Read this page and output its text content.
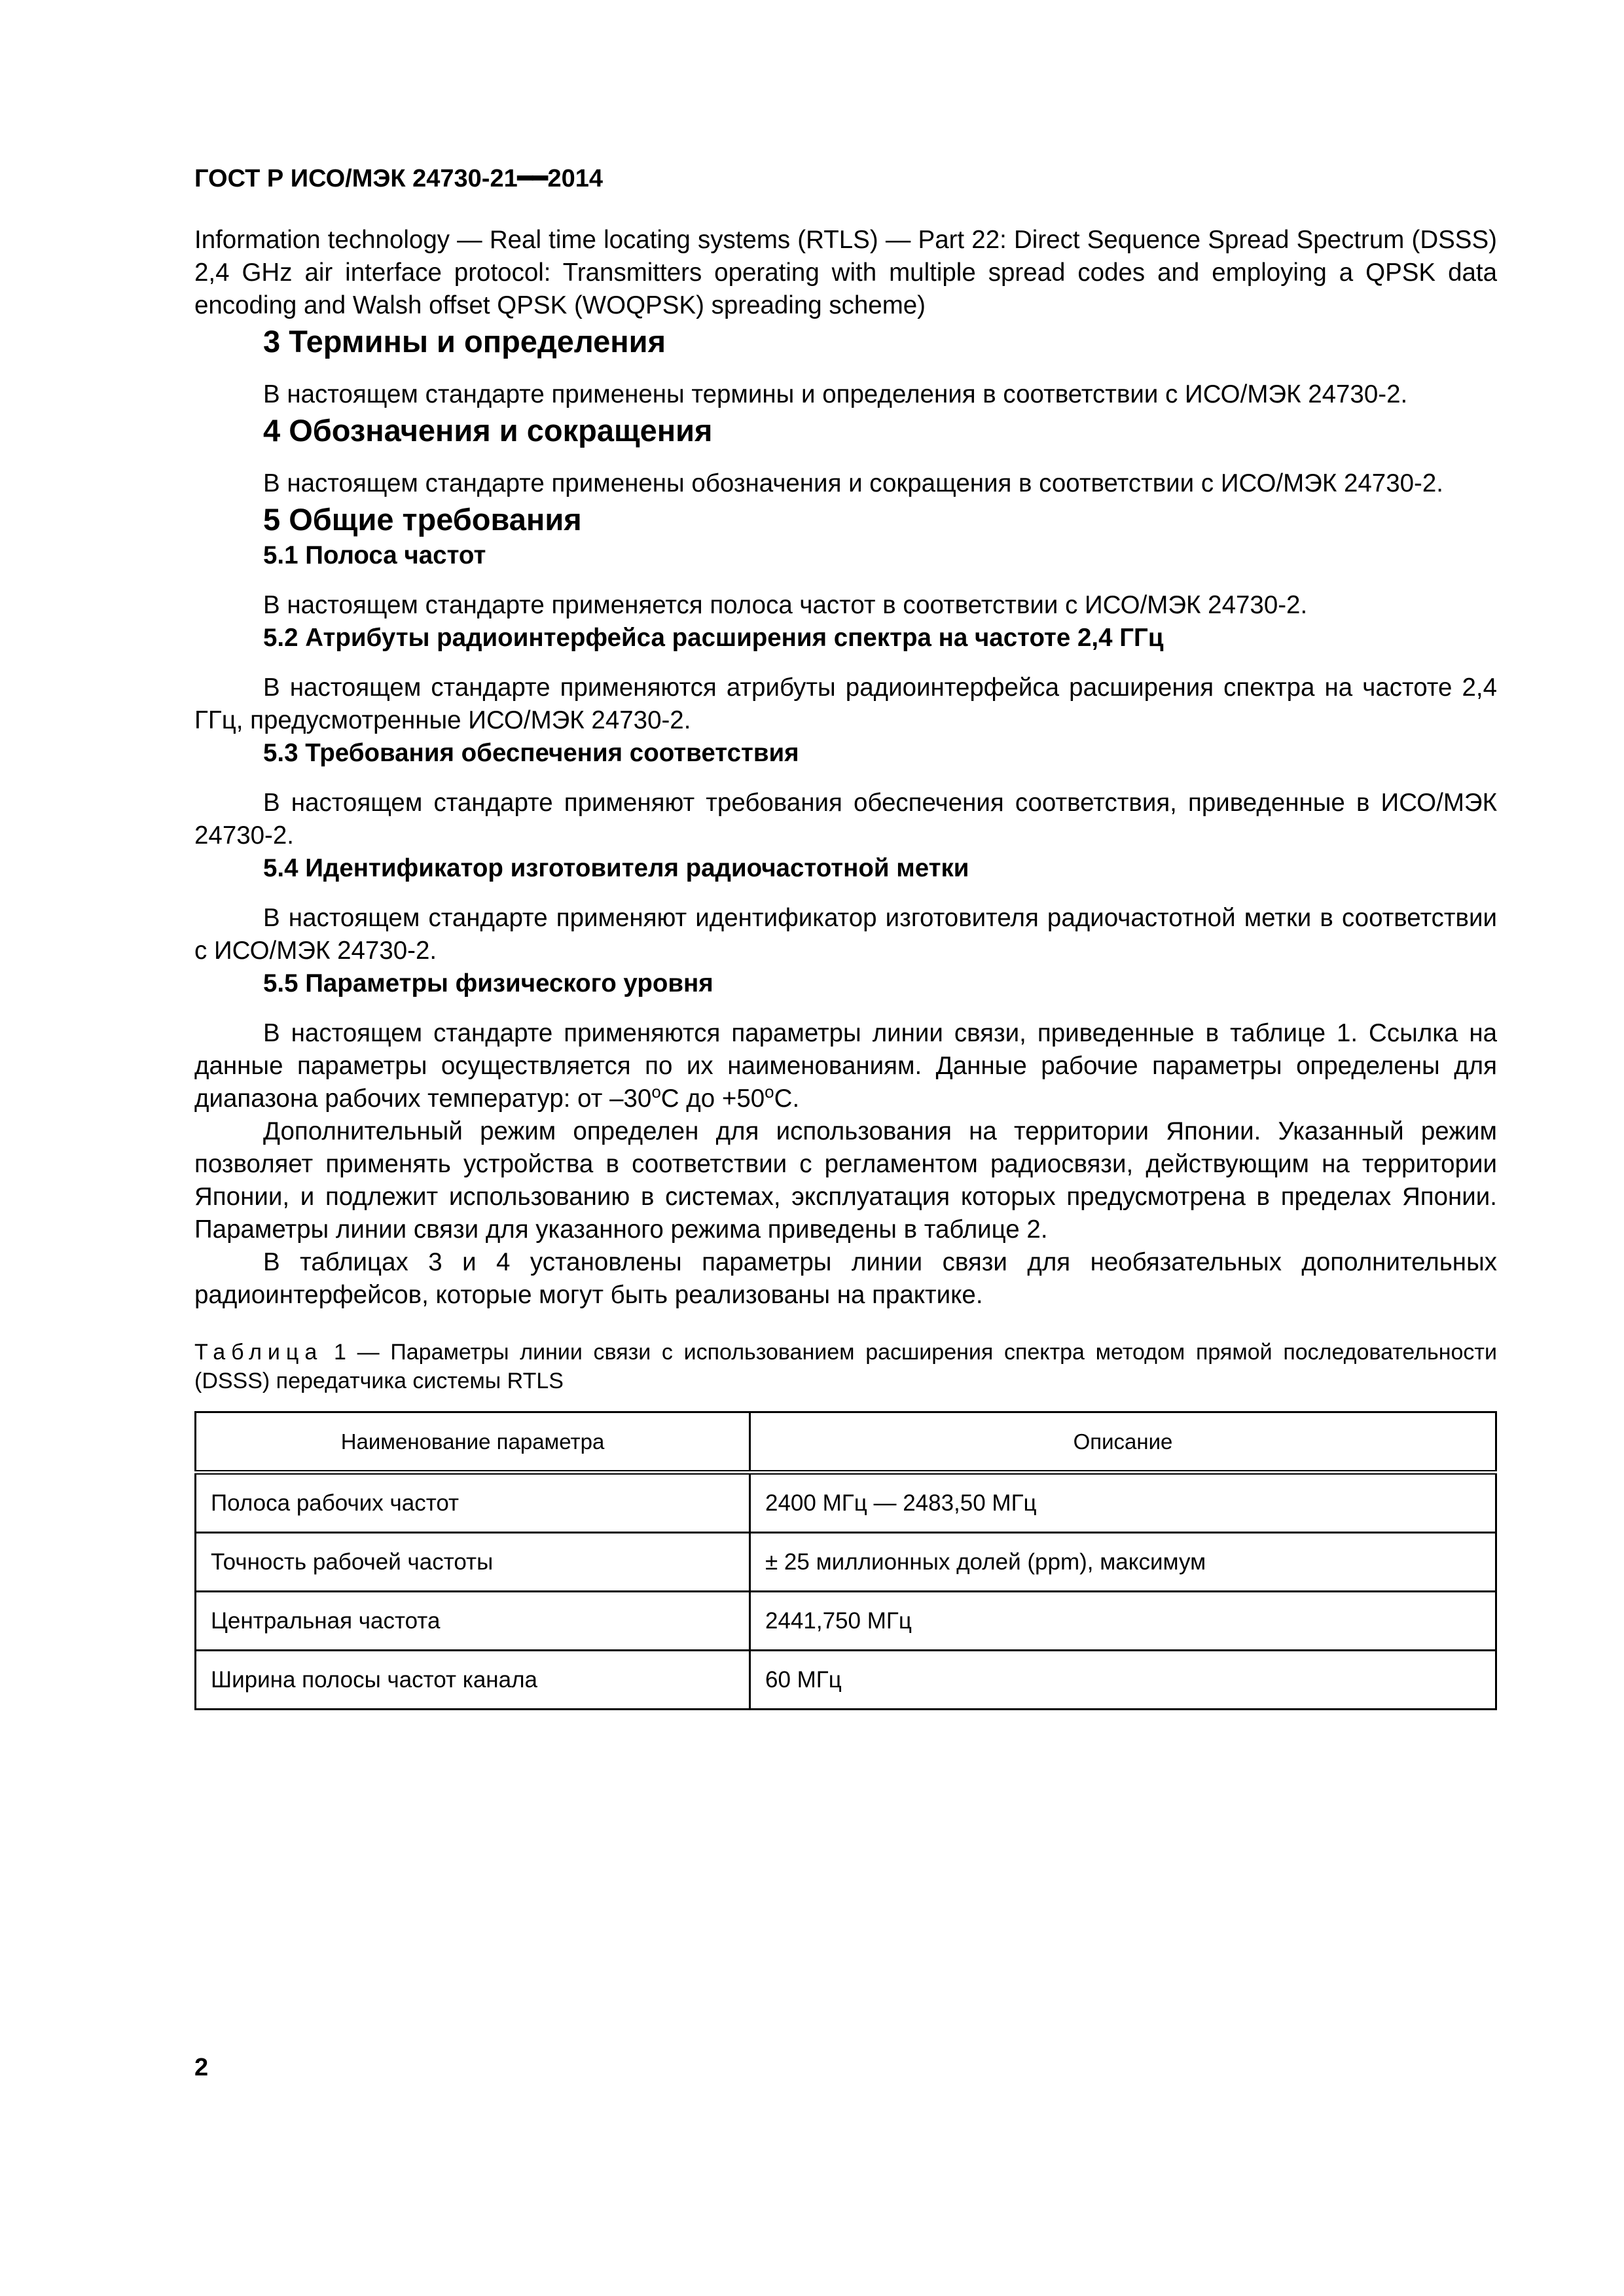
ГОСТ Р ИСО/МЭК 24730-21━━2014

Information technology — Real time locating systems (RTLS) — Part 22: Direct Sequence Spread Spectrum (DSSS) 2,4 GHz air interface protocol: Transmitters operating with multiple spread codes and employing a QPSK data encoding and Walsh offset QPSK (WOQPSK) spreading scheme)

3 Термины и определения

В настоящем стандарте применены термины и определения в соответствии с ИСО/МЭК 24730-2.

4 Обозначения и сокращения

В настоящем стандарте применены обозначения и сокращения в соответствии с ИСО/МЭК 24730-2.

5 Общие требования
5.1 Полоса частот

В настоящем стандарте применяется полоса частот в соответствии с ИСО/МЭК 24730-2.

5.2 Атрибуты радиоинтерфейса расширения спектра на частоте 2,4 ГГц

В настоящем стандарте применяются атрибуты радиоинтерфейса расширения спектра на частоте 2,4 ГГц, предусмотренные ИСО/МЭК 24730-2.

5.3 Требования обеспечения соответствия

В настоящем стандарте применяют требования обеспечения соответствия, приведенные в ИСО/МЭК 24730-2.

5.4 Идентификатор изготовителя радиочастотной метки

В настоящем стандарте применяют идентификатор изготовителя радиочастотной метки в соответствии с ИСО/МЭК 24730-2.

5.5 Параметры физического уровня

В настоящем стандарте применяются параметры линии связи, приведенные в таблице 1. Ссылка на данные параметры осуществляется по их наименованиям. Данные рабочие параметры определены для диапазона рабочих температур: от –30$^o$С до $+50^oС$.

Дополнительный режим определен для использования на территории Японии. Указанный режим позволяет применять устройства в соответствии с регламентом радиосвязи, действующим на территории Японии, и подлежит использованию в системах, эксплуатация которых предусмотрена в пределах Японии. Параметры линии связи для указанного режима приведены в таблице 2.

В таблицах 3 и 4 установлены параметры линии связи для необязательных дополнительных радиоинтерфейсов, которые могут быть реализованы на практике.

Таблица 1 — Параметры линии связи с использованием расширения спектра методом прямой последовательности (DSSS) передатчика системы RTLS

Наименование параметра	Описание
Полоса рабочих частот	2400 МГц — 2483,50 МГц
Точность рабочей частоты	± 25 миллионных долей (ppm), максимум
Центральная частота	2441,750 МГц
Ширина полосы частот канала	60 МГц
2
